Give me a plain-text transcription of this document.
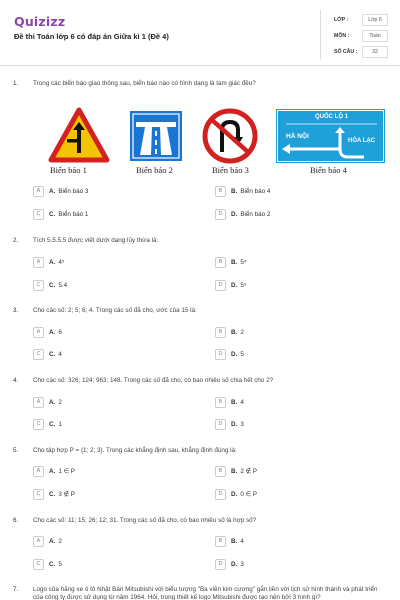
Quizizz
Đề thi Toán lớp 6 có đáp án Giữa kì 1 (Đề 4)
LỚP :	Lớp 6
MÔN :	Toán
SỐ CÂU :	32
1. Trong các biển báo giao thông sau, biển báo nào có hình dạng là tam giác đều?
Biển báo 1	Biển báo 2	Biển báo 3
QUỐC LỘ 1
HÀ NỘI
HÒA LẠC
Biển báo 4
A	A. Biển báo 3	B	B. Biển báo 4
C	C. Biển báo 1	D	D. Biển báo 2
2. Tích 5.5.5.5 được viết dưới dạng lũy thừa là:
A	A. 4⁵	B	B. 5⁴
C	C. 5.4	D	D. 5⁵
3. Cho các số: 2; 5; 6; 4. Trong các số đã cho, ước của 15 là:
A	A. 6	B	B. 2
C	C. 4	D	D. 5
4. Cho các số: 326; 124; 963; 148. Trong các số đã cho, có bao nhiêu số chia hết cho 2?
A	A. 2	B	B. 4
C	C. 1	D	D. 3
5. Cho tập hợp P = {1; 2; 3}. Trong các khẳng định sau, khẳng định đúng là:
A	A. 1 ∈ P	B	B. 2 ∉ P
C	C. 3 ∉ P	D	D. 0 ∈ P
6. Cho các số: 11; 15; 26; 12; 31. Trong các số đã cho, có bao nhiêu số là hợp số?
A	A. 2	B	B. 4
C	C. 5	D	D. 3
7. Logo của hãng xe ô tô Nhật Bản Mitsubishi với biểu tượng "Ba viên kim cương" gắn liền với lịch sử hình thành và phát triển của công ty được sử dụng từ năm 1964. Hỏi, trong thiết kế logo Mitsubishi được tạo nên bởi 3 hình gì?
